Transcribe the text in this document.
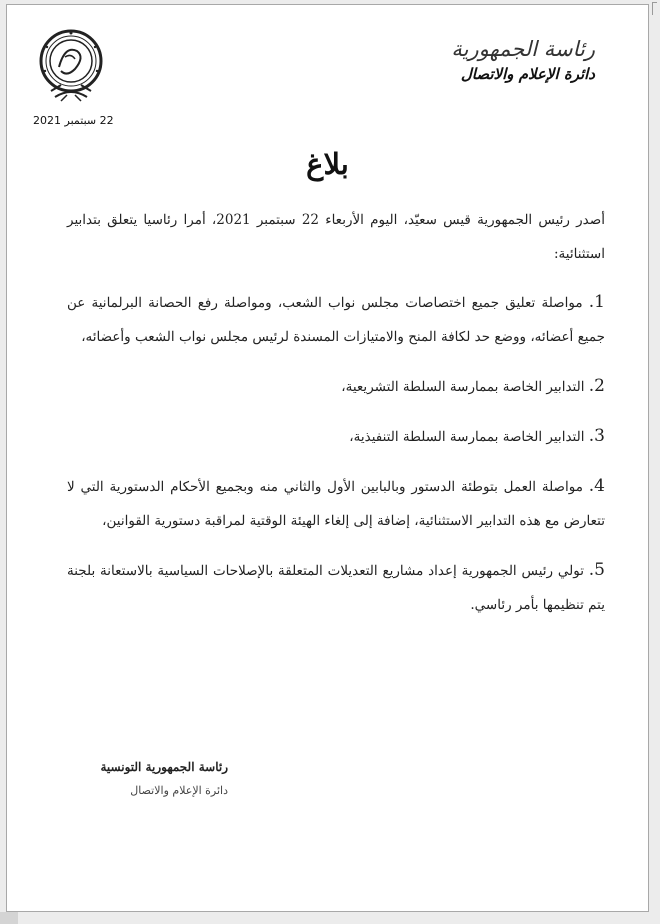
رئاسة الجمهورية
دائرة الإعلام والاتصال
22 سبتمبر 2021
بلاغ

أصدر رئيس الجمهورية قيس سعيّد، اليوم الأربعاء 22 سبتمبر 2021، أمرا رئاسيا يتعلق بتدابير استثنائية:

1. مواصلة تعليق جميع اختصاصات مجلس نواب الشعب، ومواصلة رفع الحصانة البرلمانية عن جميع أعضائه، ووضع حد لكافة المنح والامتيازات المسندة لرئيس مجلس نواب الشعب وأعضائه،

2. التدابير الخاصة بممارسة السلطة التشريعية،

3. التدابير الخاصة بممارسة السلطة التنفيذية،

4. مواصلة العمل بتوطئة الدستور وبالبابين الأول والثاني منه وبجميع الأحكام الدستورية التي لا تتعارض مع هذه التدابير الاستثنائية، إضافة إلى إلغاء الهيئة الوقتية لمراقبة دستورية القوانين،

5. تولي رئيس الجمهورية إعداد مشاريع التعديلات المتعلقة بالإصلاحات السياسية بالاستعانة بلجنة يتم تنظيمها بأمر رئاسي.

رئاسة الجمهورية التونسية
دائرة الإعلام والاتصال
